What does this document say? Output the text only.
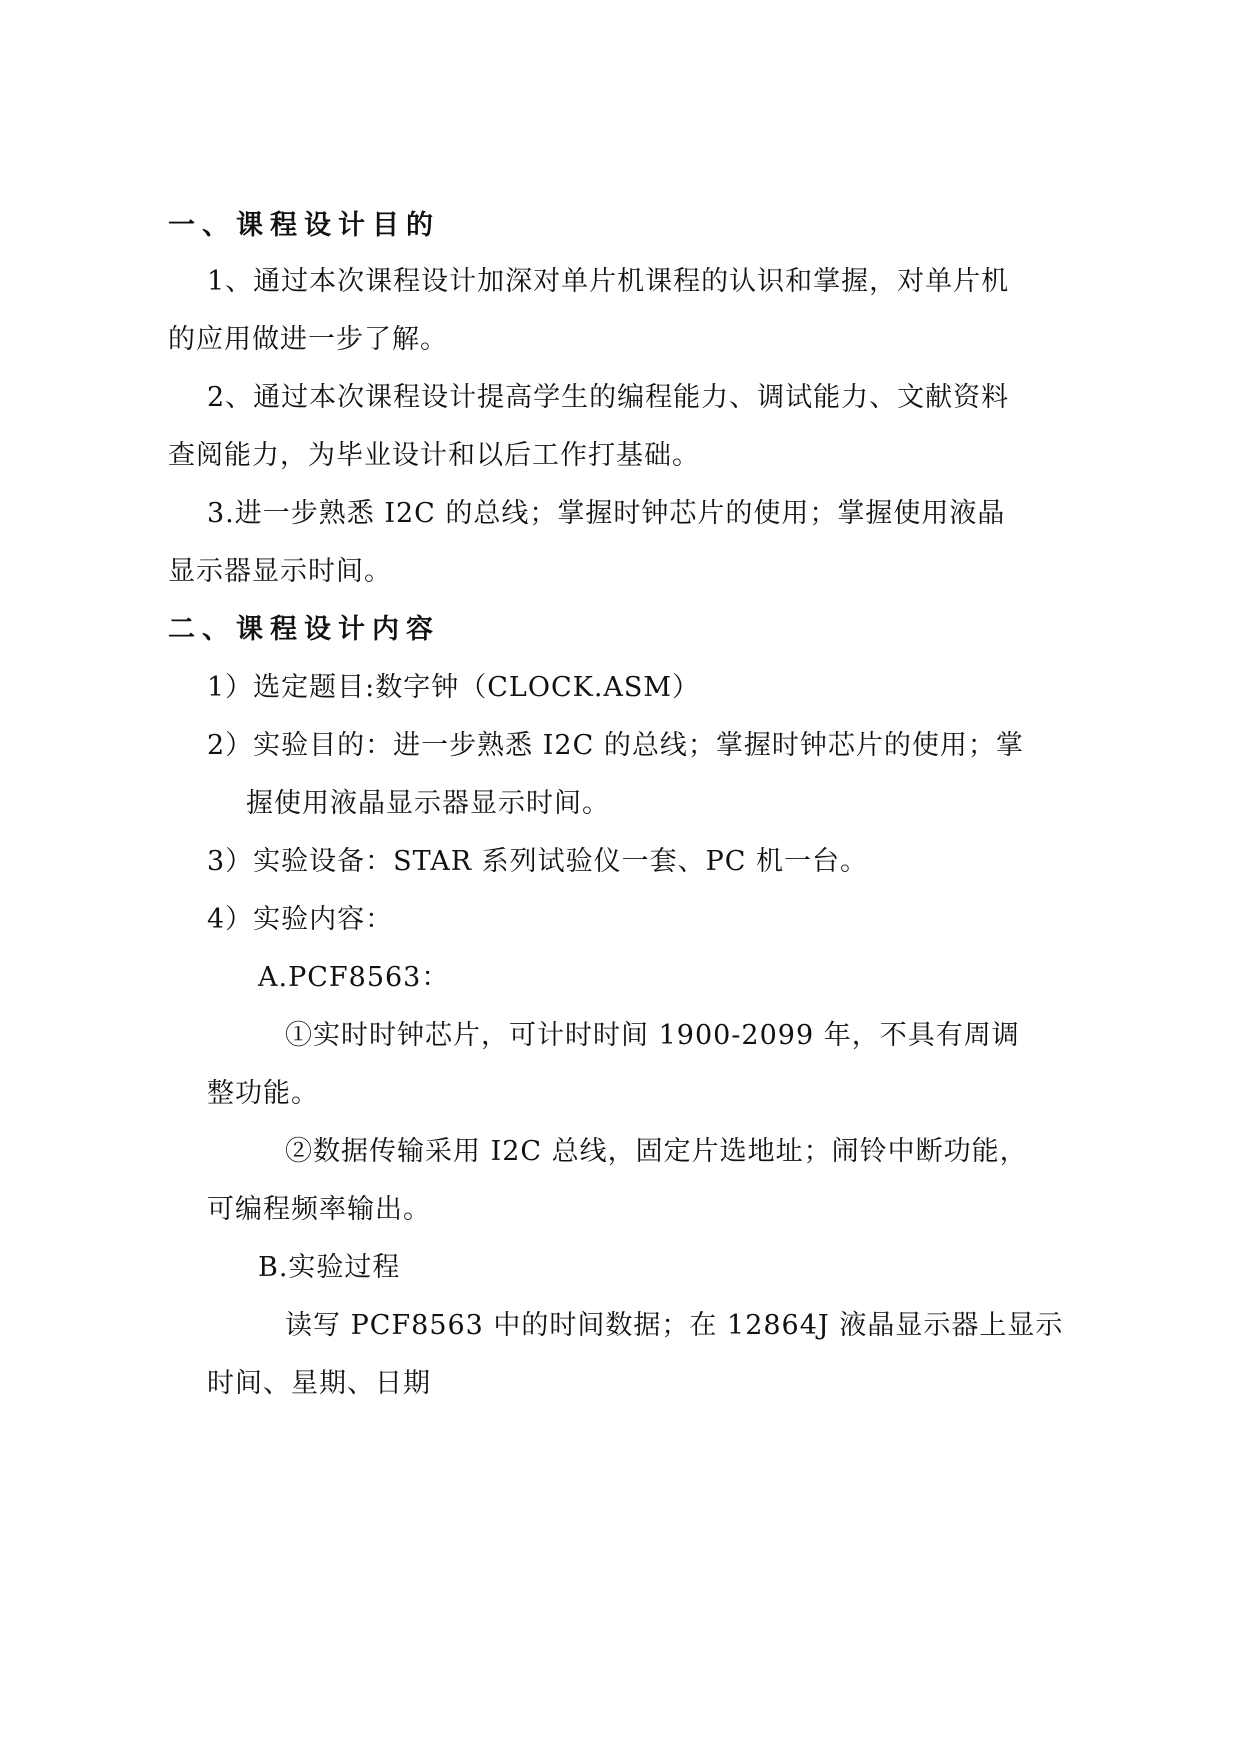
一、课程设计目的
1、通过本次课程设计加深对单片机课程的认识和掌握，对单片机
的应用做进一步了解。
2、通过本次课程设计提高学生的编程能力、调试能力、文献资料
查阅能力，为毕业设计和以后工作打基础。
3.进一步熟悉 I2C 的总线；掌握时钟芯片的使用；掌握使用液晶
显示器显示时间。
二、课程设计内容
1）选定题目:数字钟（CLOCK.ASM）
2）实验目的：进一步熟悉 I2C 的总线；掌握时钟芯片的使用；掌
握使用液晶显示器显示时间。
3）实验设备：STAR 系列试验仪一套、PC 机一台。
4）实验内容：
A.PCF8563：
①实时时钟芯片，可计时时间 1900-2099 年，不具有周调
整功能。
②数据传输采用 I2C 总线，固定片选地址；闹铃中断功能，
可编程频率输出。
B.实验过程
读写 PCF8563 中的时间数据；在 12864J 液晶显示器上显示
时间、星期、日期
